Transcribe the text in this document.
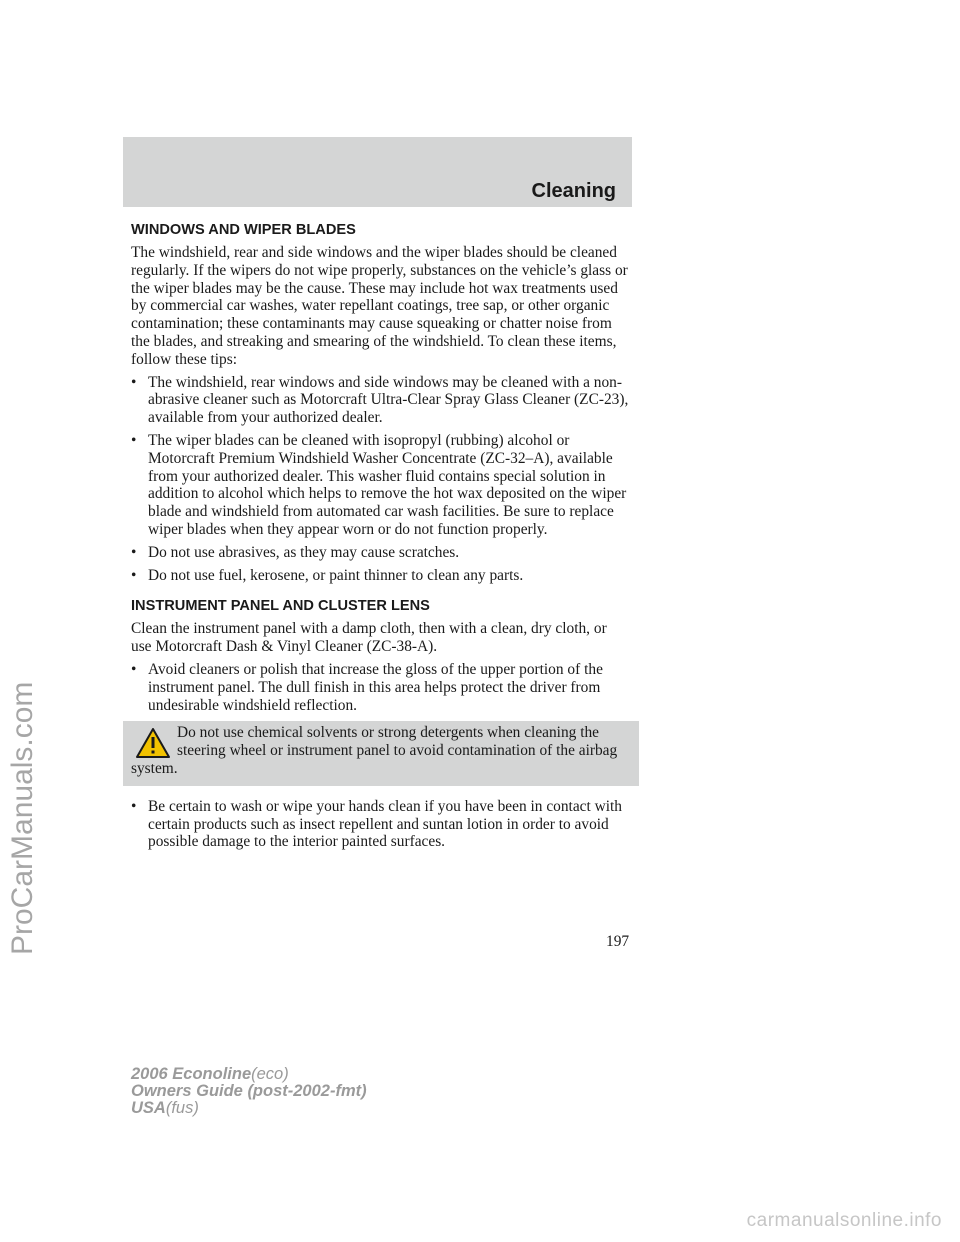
Cleaning
WINDOWS AND WIPER BLADES

The windshield, rear and side windows and the wiper blades should be cleaned regularly. If the wipers do not wipe properly, substances on the vehicle’s glass or the wiper blades may be the cause. These may include hot wax treatments used by commercial car washes, water repellant coatings, tree sap, or other organic contamination; these contaminants may cause squeaking or chatter noise from the blades, and streaking and smearing of the windshield. To clean these items, follow these tips:

• The windshield, rear windows and side windows may be cleaned with a non-abrasive cleaner such as Motorcraft Ultra-Clear Spray Glass Cleaner (ZC-23), available from your authorized dealer.
• The wiper blades can be cleaned with isopropyl (rubbing) alcohol or Motorcraft Premium Windshield Washer Concentrate (ZC-32–A), available from your authorized dealer. This washer fluid contains special solution in addition to alcohol which helps to remove the hot wax deposited on the wiper blade and windshield from automated car wash facilities. Be sure to replace wiper blades when they appear worn or do not function properly.
• Do not use abrasives, as they may cause scratches.
• Do not use fuel, kerosene, or paint thinner to clean any parts.
INSTRUMENT PANEL AND CLUSTER LENS

Clean the instrument panel with a damp cloth, then with a clean, dry cloth, or use Motorcraft Dash & Vinyl Cleaner (ZC-38-A).

• Avoid cleaners or polish that increase the gloss of the upper portion of the instrument panel. The dull finish in this area helps protect the driver from undesirable windshield reflection.
Do not use chemical solvents or strong detergents when cleaning the steering wheel or instrument panel to avoid contamination of the airbag system.
• Be certain to wash or wipe your hands clean if you have been in contact with certain products such as insect repellent and suntan lotion in order to avoid possible damage to the interior painted surfaces.
197
2006 Econoline(eco)
Owners Guide (post-2002-fmt)
USA(fus)
ProCarManuals.com
carmanualsonline.info
